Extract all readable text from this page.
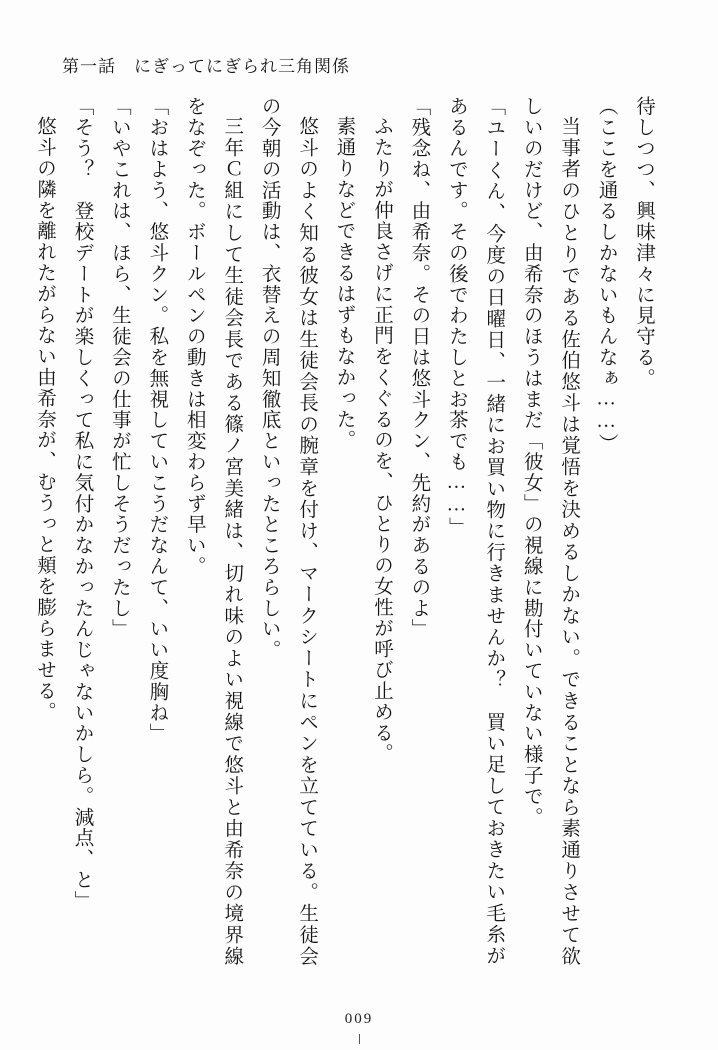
第一話 にぎってにぎられ三角関係

待しつつ、興味津々に見守る。

（ここを通るしかないもんなぁ……）

当事者のひとりである佐伯悠斗は覚悟を決めるしかない。できることなら素通りさせて欲しいのだけど、由希奈のほうはまだ「彼女」の視線に勘付いていない様子で。

「ユーくん、今度の日曜日、一緒にお買い物に行きませんか？　買い足しておきたい毛糸があるんです。その後でわたしとお茶でも……」

「残念ね、由希奈。その日は悠斗クン、先約があるのよ」

ふたりが仲良さげに正門をくぐるのを、ひとりの女性が呼び止める。

素通りなどできるはずもなかった。

悠斗のよく知る彼女は生徒会長の腕章を付け、マークシートにペンを立てている。生徒会の今朝の活動は、衣替えの周知徹底といったところらしい。

三年Ｃ組にして生徒会長である篠ノ宮美緒は、切れ味のよい視線で悠斗と由希奈の境界線をなぞった。ボールペンの動きは相変わらず早い。

「おはよう、悠斗クン。私を無視していこうだなんて、いい度胸ね」

「いやこれは、ほら、生徒会の仕事が忙しそうだったし」

「そう？　登校デートが楽しくって私に気付かなかったんじゃないかしら。減点、と」

悠斗の隣を離れたがらない由希奈が、むうっと頬を膨らませる。

009
